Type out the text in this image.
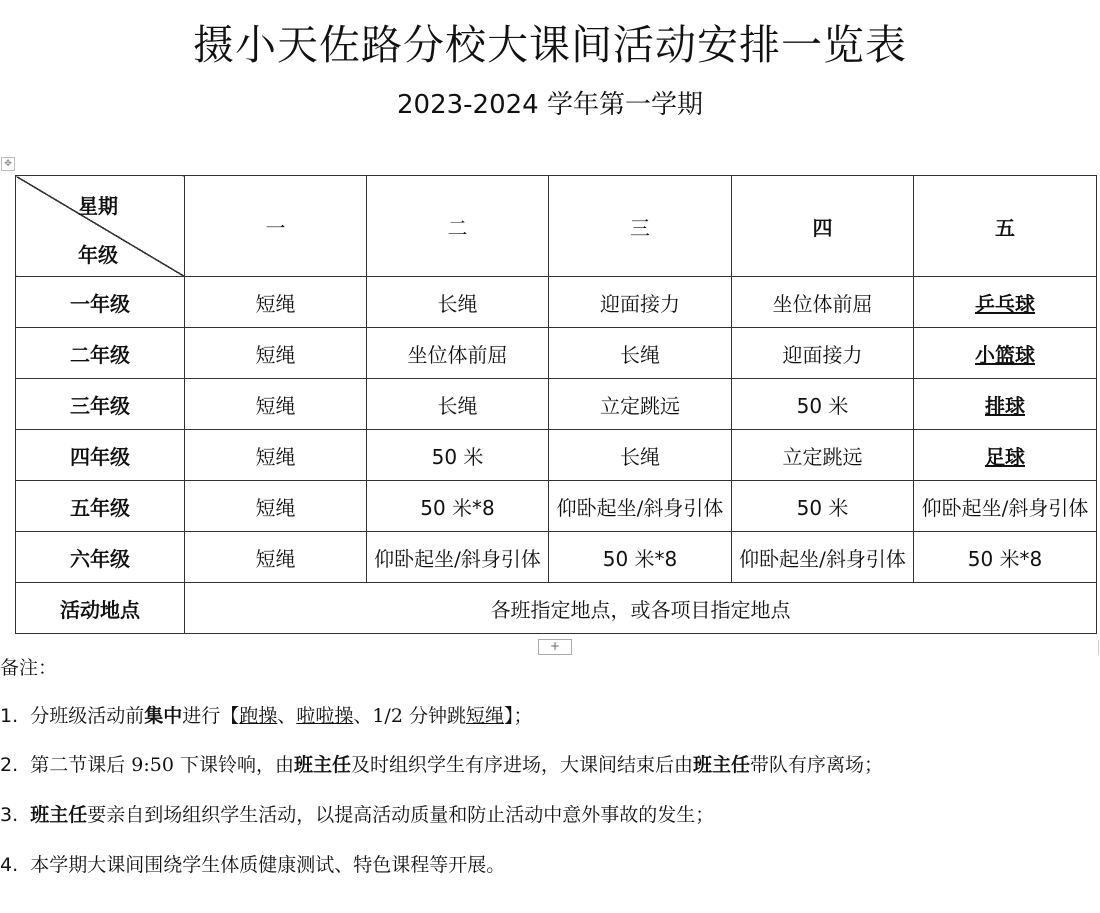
摄小天佐路分校大课间活动安排一览表
2023-2024 学年第一学期
✥
星期
年级	一	二	三	四	五
一年级	短绳	长绳	迎面接力	坐位体前屈	乒乓球
二年级	短绳	坐位体前屈	长绳	迎面接力	小篮球
三年级	短绳	长绳	立定跳远	50 米	排球
四年级	短绳	50 米	长绳	立定跳远	足球
五年级	短绳	50 米*8	仰卧起坐/斜身引体	50 米	仰卧起坐/斜身引体
六年级	短绳	仰卧起坐/斜身引体	50 米*8	仰卧起坐/斜身引体	50 米*8
活动地点	各班指定地点，或各项目指定地点				
+
备注：
1. 分班级活动前集中进行【跑操、啦啦操、1/2 分钟跳短绳】；
2. 第二节课后 9:50 下课铃响，由班主任及时组织学生有序进场，大课间结束后由班主任带队有序离场；
3. 班主任要亲自到场组织学生活动，以提高活动质量和防止活动中意外事故的发生；
4. 本学期大课间围绕学生体质健康测试、特色课程等开展。
